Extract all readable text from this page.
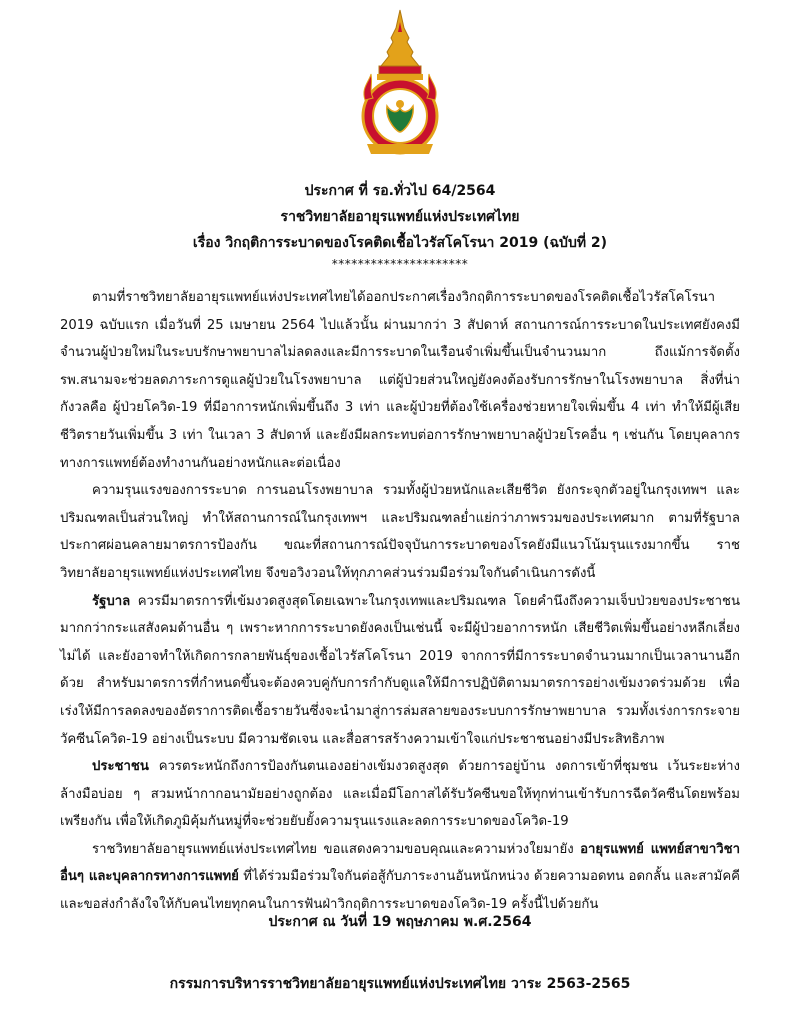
ประกาศ ที่ รอ.ทั่วไป 64/2564
ราชวิทยาลัยอายุรแพทย์แห่งประเทศไทย
เรื่อง วิกฤติการระบาดของโรคติดเชื้อไวรัสโคโรนา 2019 (ฉบับที่ 2)
*********************

ตามที่ราชวิทยาลัยอายุรแพทย์แห่งประเทศไทยได้ออกประกาศเรื่องวิกฤติการระบาดของโรคติดเชื้อไวรัสโคโรนา 2019 ฉบับแรก เมื่อวันที่ 25 เมษายน 2564 ไปแล้วนั้น ผ่านมากว่า 3 สัปดาห์ สถานการณ์การระบาดในประเทศยังคงมีจำนวนผู้ป่วยใหม่ในระบบรักษาพยาบาลไม่ลดลงและมีการระบาดในเรือนจำเพิ่มขึ้นเป็นจำนวนมาก ถึงแม้การจัดตั้ง รพ.สนามจะช่วยลดภาระการดูแลผู้ป่วยในโรงพยาบาล แต่ผู้ป่วยส่วนใหญ่ยังคงต้องรับการรักษาในโรงพยาบาล สิ่งที่น่ากังวลคือ ผู้ป่วยโควิด-19 ที่มีอาการหนักเพิ่มขึ้นถึง 3 เท่า และผู้ป่วยที่ต้องใช้เครื่องช่วยหายใจเพิ่มขึ้น 4 เท่า ทำให้มีผู้เสียชีวิตรายวันเพิ่มขึ้น 3 เท่า ในเวลา 3 สัปดาห์ และยังมีผลกระทบต่อการรักษาพยาบาลผู้ป่วยโรคอื่น ๆ เช่นกัน โดยบุคลากรทางการแพทย์ต้องทำงานกันอย่างหนักและต่อเนื่อง

ความรุนแรงของการระบาด การนอนโรงพยาบาล รวมทั้งผู้ป่วยหนักและเสียชีวิต ยังกระจุกตัวอยู่ในกรุงเทพฯ และปริมณฑลเป็นส่วนใหญ่ ทำให้สถานการณ์ในกรุงเทพฯ และปริมณฑลย่ำแย่กว่าภาพรวมของประเทศมาก ตามที่รัฐบาลประกาศผ่อนคลายมาตรการป้องกัน ขณะที่สถานการณ์ปัจจุบันการระบาดของโรคยังมีแนวโน้มรุนแรงมากขึ้น ราชวิทยาลัยอายุรแพทย์แห่งประเทศไทย จึงขอวิงวอนให้ทุกภาคส่วนร่วมมือร่วมใจกันดำเนินการดังนี้

รัฐบาล ควรมีมาตรการที่เข้มงวดสูงสุดโดยเฉพาะในกรุงเทพและปริมณฑล โดยคำนึงถึงความเจ็บป่วยของประชาชนมากกว่ากระแสสังคมด้านอื่น ๆ เพราะหากการระบาดยังคงเป็นเช่นนี้ จะมีผู้ป่วยอาการหนัก เสียชีวิตเพิ่มขึ้นอย่างหลีกเลี่ยงไม่ได้ และยังอาจทำให้เกิดการกลายพันธุ์ของเชื้อไวรัสโคโรนา 2019 จากการที่มีการระบาดจำนวนมากเป็นเวลานานอีกด้วย สำหรับมาตรการที่กำหนดขึ้นจะต้องควบคู่กับการกำกับดูแลให้มีการปฏิบัติตามมาตรการอย่างเข้มงวดร่วมด้วย เพื่อเร่งให้มีการลดลงของอัตราการติดเชื้อรายวันซึ่งจะนำมาสู่การล่มสลายของระบบการรักษาพยาบาล รวมทั้งเร่งการกระจายวัคซีนโควิด-19 อย่างเป็นระบบ มีความชัดเจน และสื่อสารสร้างความเข้าใจแก่ประชาชนอย่างมีประสิทธิภาพ

ประชาชน ควรตระหนักถึงการป้องกันตนเองอย่างเข้มงวดสูงสุด ด้วยการอยู่บ้าน งดการเข้าที่ชุมชน เว้นระยะห่าง ล้างมือบ่อย ๆ สวมหน้ากากอนามัยอย่างถูกต้อง และเมื่อมีโอกาสได้รับวัคซีนขอให้ทุกท่านเข้ารับการฉีดวัคซีนโดยพร้อมเพรียงกัน เพื่อให้เกิดภูมิคุ้มกันหมู่ที่จะช่วยยับยั้งความรุนแรงและลดการระบาดของโควิด-19

ราชวิทยาลัยอายุรแพทย์แห่งประเทศไทย ขอแสดงความขอบคุณและความห่วงใยมายัง อายุรแพทย์ แพทย์สาขาวิชาอื่นๆ และบุคลากรทางการแพทย์ ที่ได้ร่วมมือร่วมใจกันต่อสู้กับภาระงานอันหนักหน่วง ด้วยความอดทน อดกลั้น และสามัคคี และขอส่งกำลังใจให้กับคนไทยทุกคนในการฟันฝ่าวิกฤติการระบาดของโควิด-19 ครั้งนี้ไปด้วยกัน

ประกาศ ณ วันที่ 19 พฤษภาคม พ.ศ.2564
กรรมการบริหารราชวิทยาลัยอายุรแพทย์แห่งประเทศไทย วาระ 2563-2565
